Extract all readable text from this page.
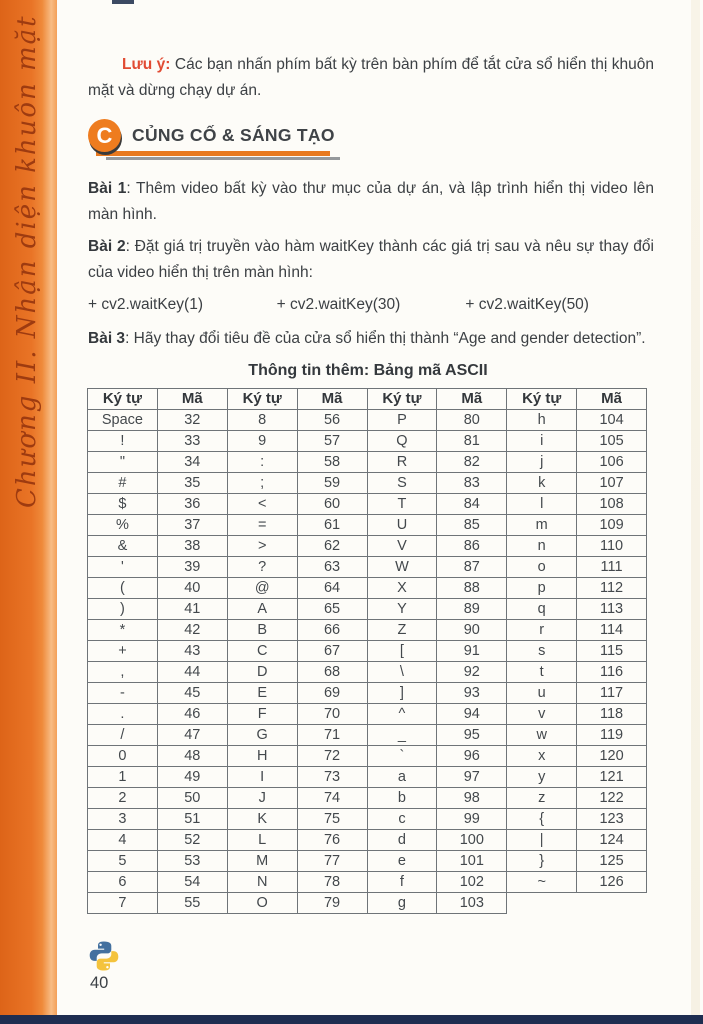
Chương II. Nhận diện khuôn mặt	Lưu ý: Các bạn nhấn phím bất kỳ trên bàn phím để tắt cửa sổ hiển thị khuôn mặt và dừng chạy dự án.

C	CỦNG CỐ & SÁNG TẠO

Bài 1: Thêm video bất kỳ vào thư mục của dự án, và lập trình hiển thị video lên màn hình.

Bài 2: Đặt giá trị truyền vào hàm waitKey thành các giá trị sau và nêu sự thay đổi của video hiển thị trên màn hình:

+ cv2.waitKey(1)	+ cv2.waitKey(30)	+ cv2.waitKey(50)

Bài 3: Hãy thay đổi tiêu đề của cửa sổ hiển thị thành “Age and gender detection”.

Thông tin thêm: Bảng mã ASCII
Ký tự	Mã	Ký tự	Mã	Ký tự	Mã	Ký tự	Mã
Space	32	8	56	P	80	h	104
!	33	9	57	Q	81	i	105
"	34	:	58	R	82	j	106
#	35	;	59	S	83	k	107
$	36	<	60	T	84	l	108
%	37	=	61	U	85	m	109
&	38	>	62	V	86	n	110
'	39	?	63	W	87	o	111
(	40	@	64	X	88	p	112
)	41	A	65	Y	89	q	113
*	42	B	66	Z	90	r	114
+	43	C	67	[	91	s	115
,	44	D	68	\	92	t	116
-	45	E	69	]	93	u	117
.	46	F	70	^	94	v	118
/	47	G	71	_	95	w	119
0	48	H	72	`	96	x	120
1	49	I	73	a	97	y	121
2	50	J	74	b	98	z	122
3	51	K	75	c	99	{	123
4	52	L	76	d	100	|	124
5	53	M	77	e	101	}	125
6	54	N	78	f	102	~	126
7	55	O	79	g	103		
40
